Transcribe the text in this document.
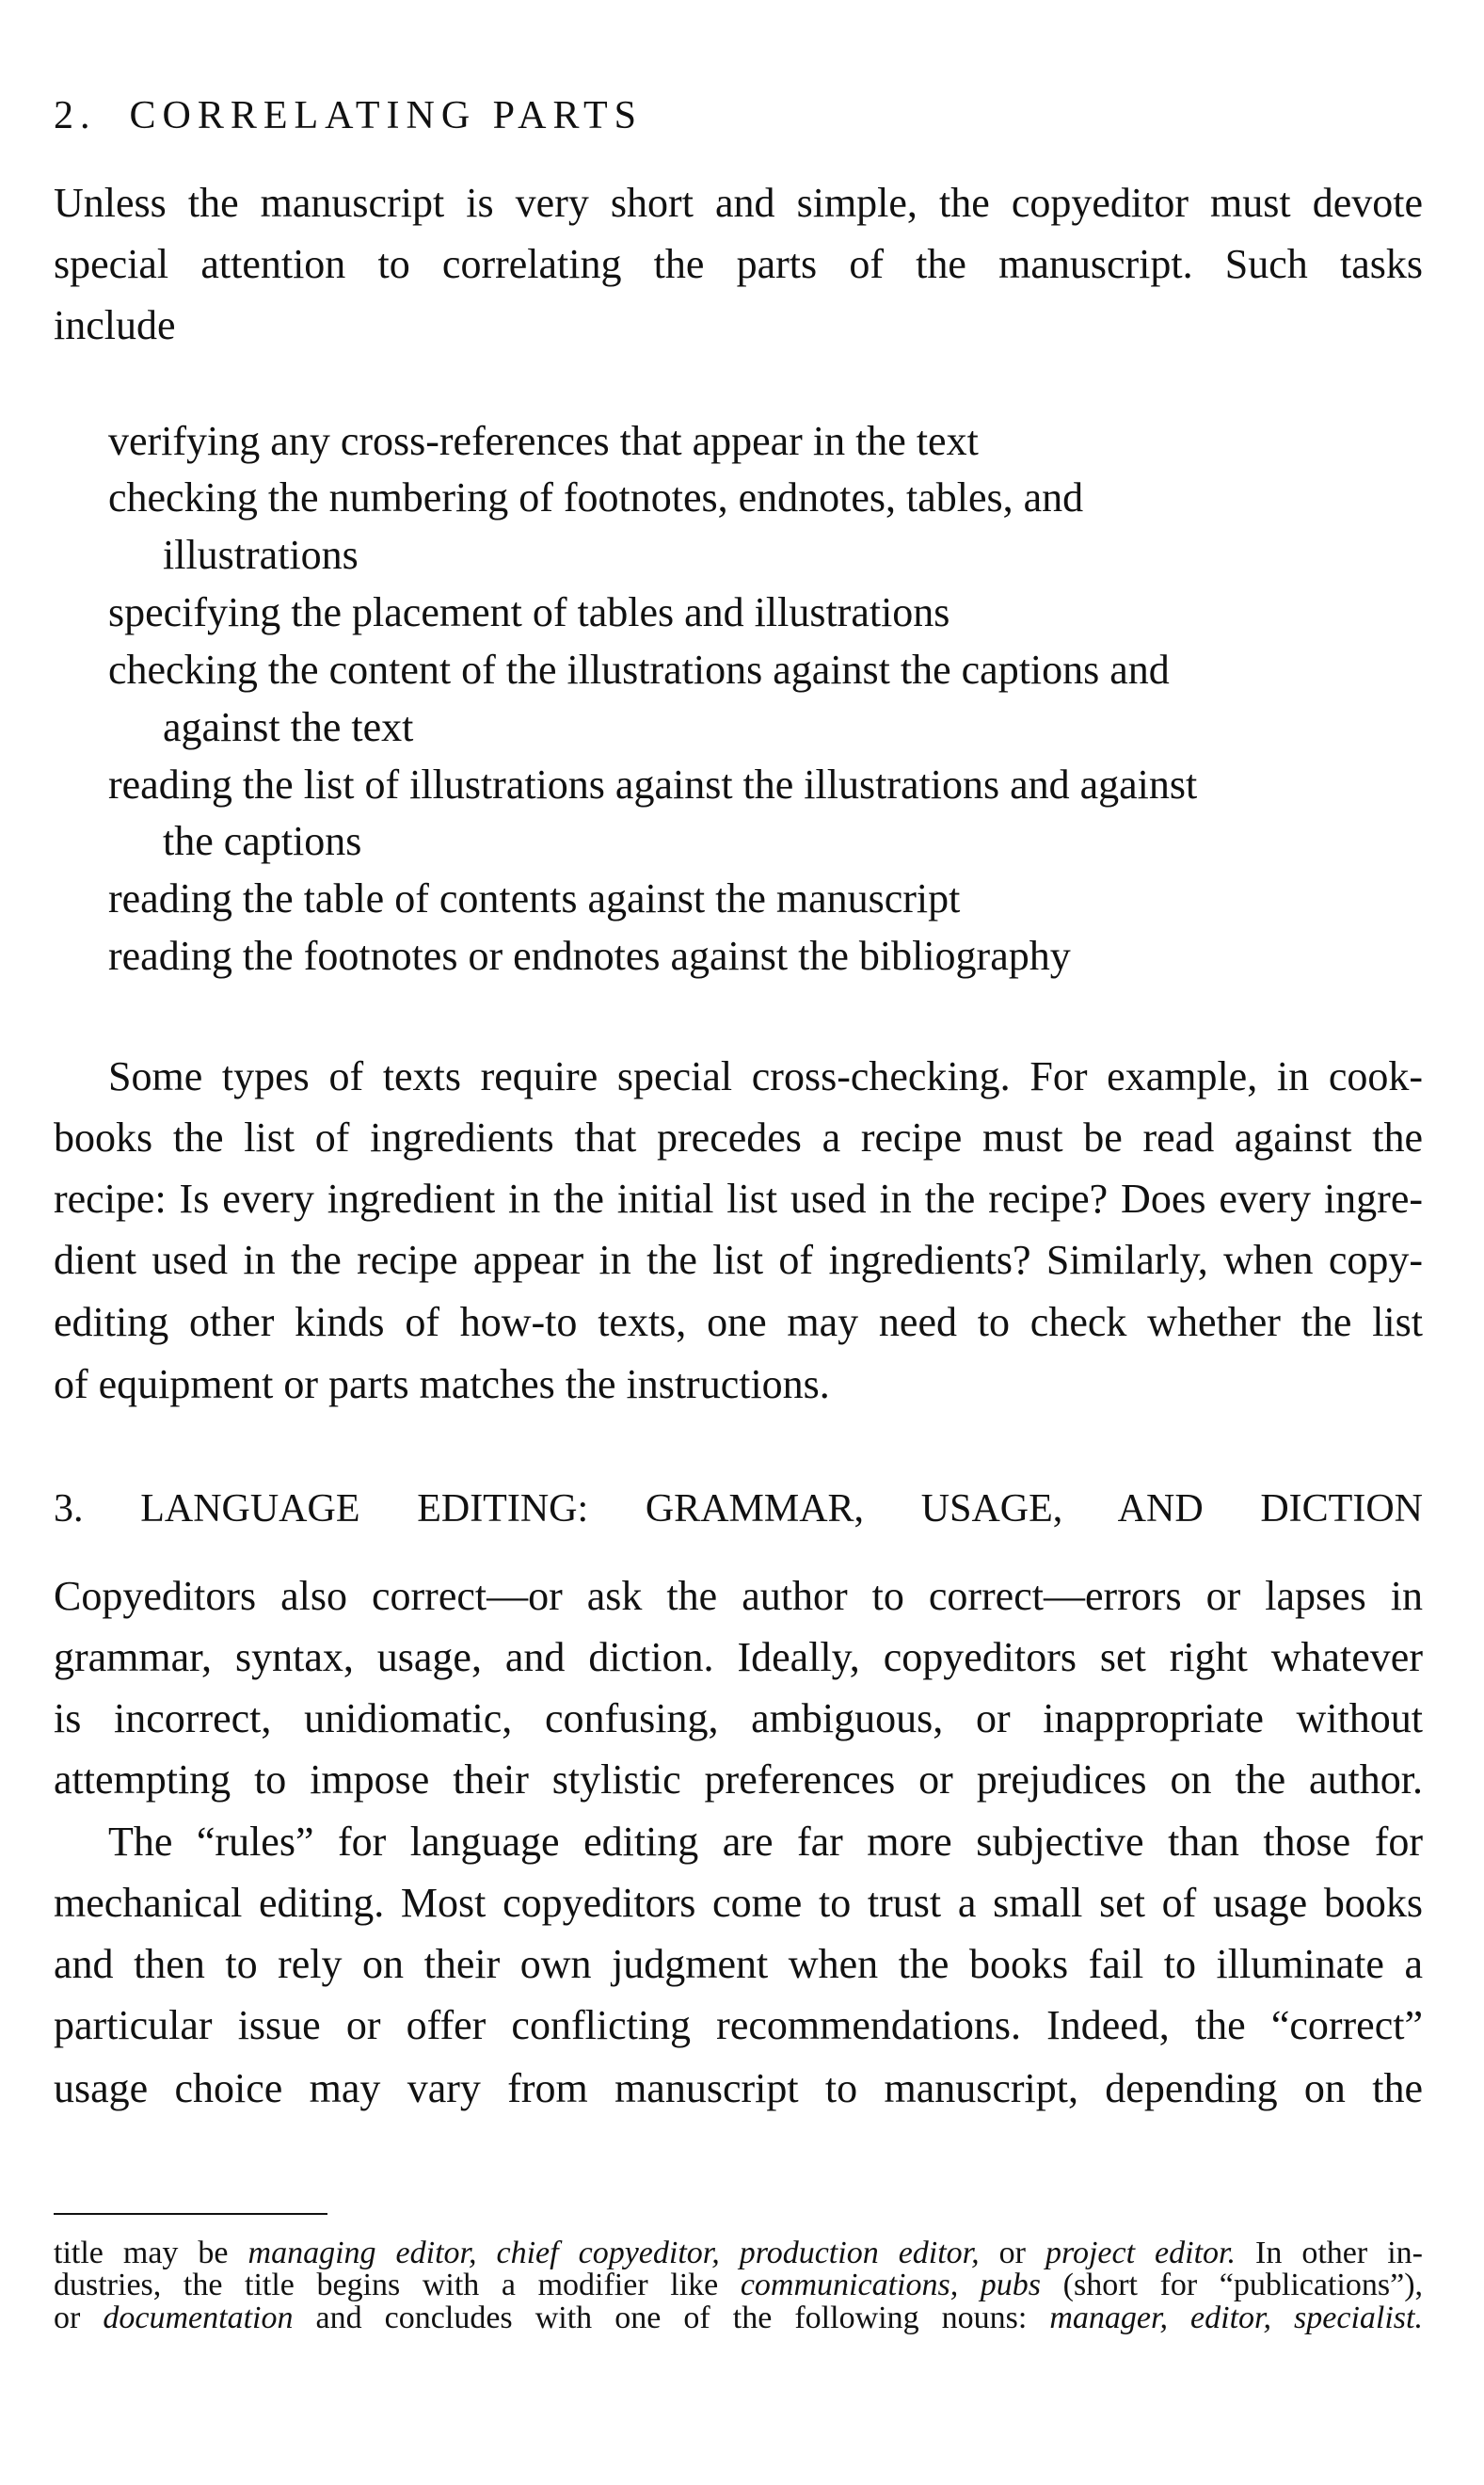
2.  CORRELATING PARTS
Unless the manuscript is very short and simple, the copyeditor must devote
special attention to correlating the parts of the manuscript. Such tasks
include
verifying any cross-references that appear in the text
checking the numbering of footnotes, endnotes, tables, and
illustrations
specifying the placement of tables and illustrations
checking the content of the illustrations against the captions and
against the text
reading the list of illustrations against the illustrations and against
the captions
reading the table of contents against the manuscript
reading the footnotes or endnotes against the bibliography
Some types of texts require special cross-checking. For example, in cook-
books the list of ingredients that precedes a recipe must be read against the
recipe: Is every ingredient in the initial list used in the recipe? Does every ingre-
dient used in the recipe appear in the list of ingredients? Similarly, when copy-
editing other kinds of how-to texts, one may need to check whether the list
of equipment or parts matches the instructions.
3. LANGUAGE EDITING: GRAMMAR, USAGE, AND DICTION
Copyeditors also correct—or ask the author to correct—errors or lapses in
grammar, syntax, usage, and diction. Ideally, copyeditors set right whatever
is incorrect, unidiomatic, confusing, ambiguous, or inappropriate without
attempting to impose their stylistic preferences or prejudices on the author.
The “rules” for language editing are far more subjective than those for
mechanical editing. Most copyeditors come to trust a small set of usage books
and then to rely on their own judgment when the books fail to illuminate a
particular issue or offer conflicting recommendations. Indeed, the “correct”
usage choice may vary from manuscript to manuscript, depending on the
title may be managing editor, chief copyeditor, production editor, or project editor. In other in-
dustries, the title begins with a modifier like communications, pubs (short for “publications”),
or documentation and concludes with one of the following nouns: manager, editor, specialist.
